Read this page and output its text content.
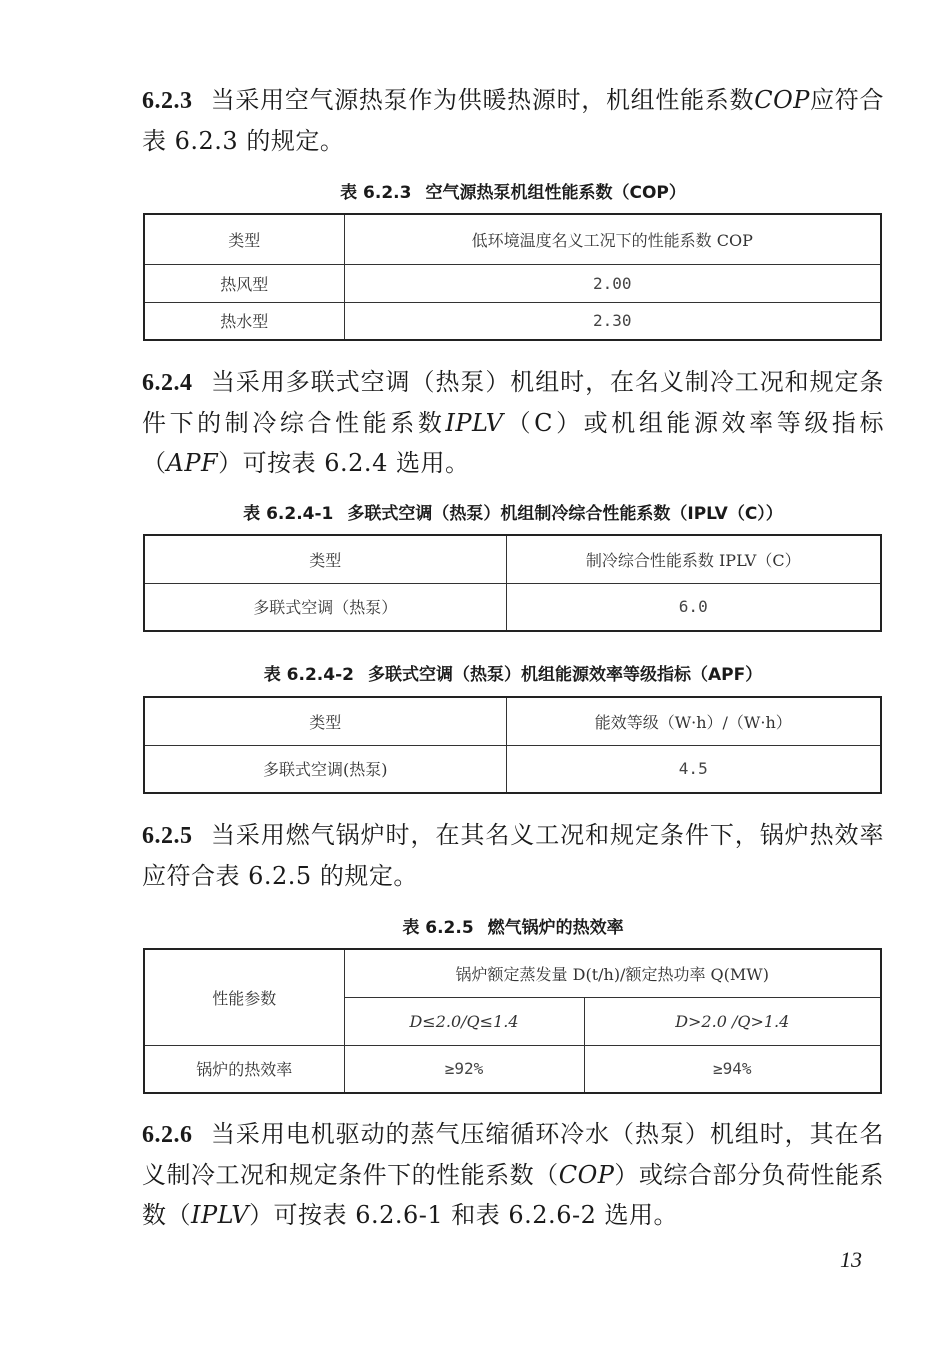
6.2.3 当采用空气源热泵作为供暖热源时，机组性能系数COP应符合表 6.2.3 的规定。
表 6.2.3 空气源热泵机组性能系数（COP）
类型	低环境温度名义工况下的性能系数 COP
热风型	2.00
热水型	2.30
6.2.4 当采用多联式空调（热泵）机组时，在名义制冷工况和规定条件下的制冷综合性能系数IPLV（C）或机组能源效率等级指标（APF）可按表 6.2.4 选用。
表 6.2.4-1 多联式空调（热泵）机组制冷综合性能系数（IPLV（C））
类型	制冷综合性能系数 IPLV（C）
多联式空调（热泵）	6.0
表 6.2.4-2 多联式空调（热泵）机组能源效率等级指标（APF）
类型	能效等级（W·h）/（W·h）
多联式空调(热泵)	4.5
6.2.5 当采用燃气锅炉时，在其名义工况和规定条件下，锅炉热效率应符合表 6.2.5 的规定。
表 6.2.5 燃气锅炉的热效率
性能参数	锅炉额定蒸发量 D(t/h)/额定热功率 Q(MW)	
	D≤2.0/Q≤1.4	D>2.0 /Q>1.4
锅炉的热效率	≥92%	≥94%
6.2.6 当采用电机驱动的蒸气压缩循环冷水（热泵）机组时，其在名义制冷工况和规定条件下的性能系数（COP）或综合部分负荷性能系数（IPLV）可按表 6.2.6-1 和表 6.2.6-2 选用。
13
